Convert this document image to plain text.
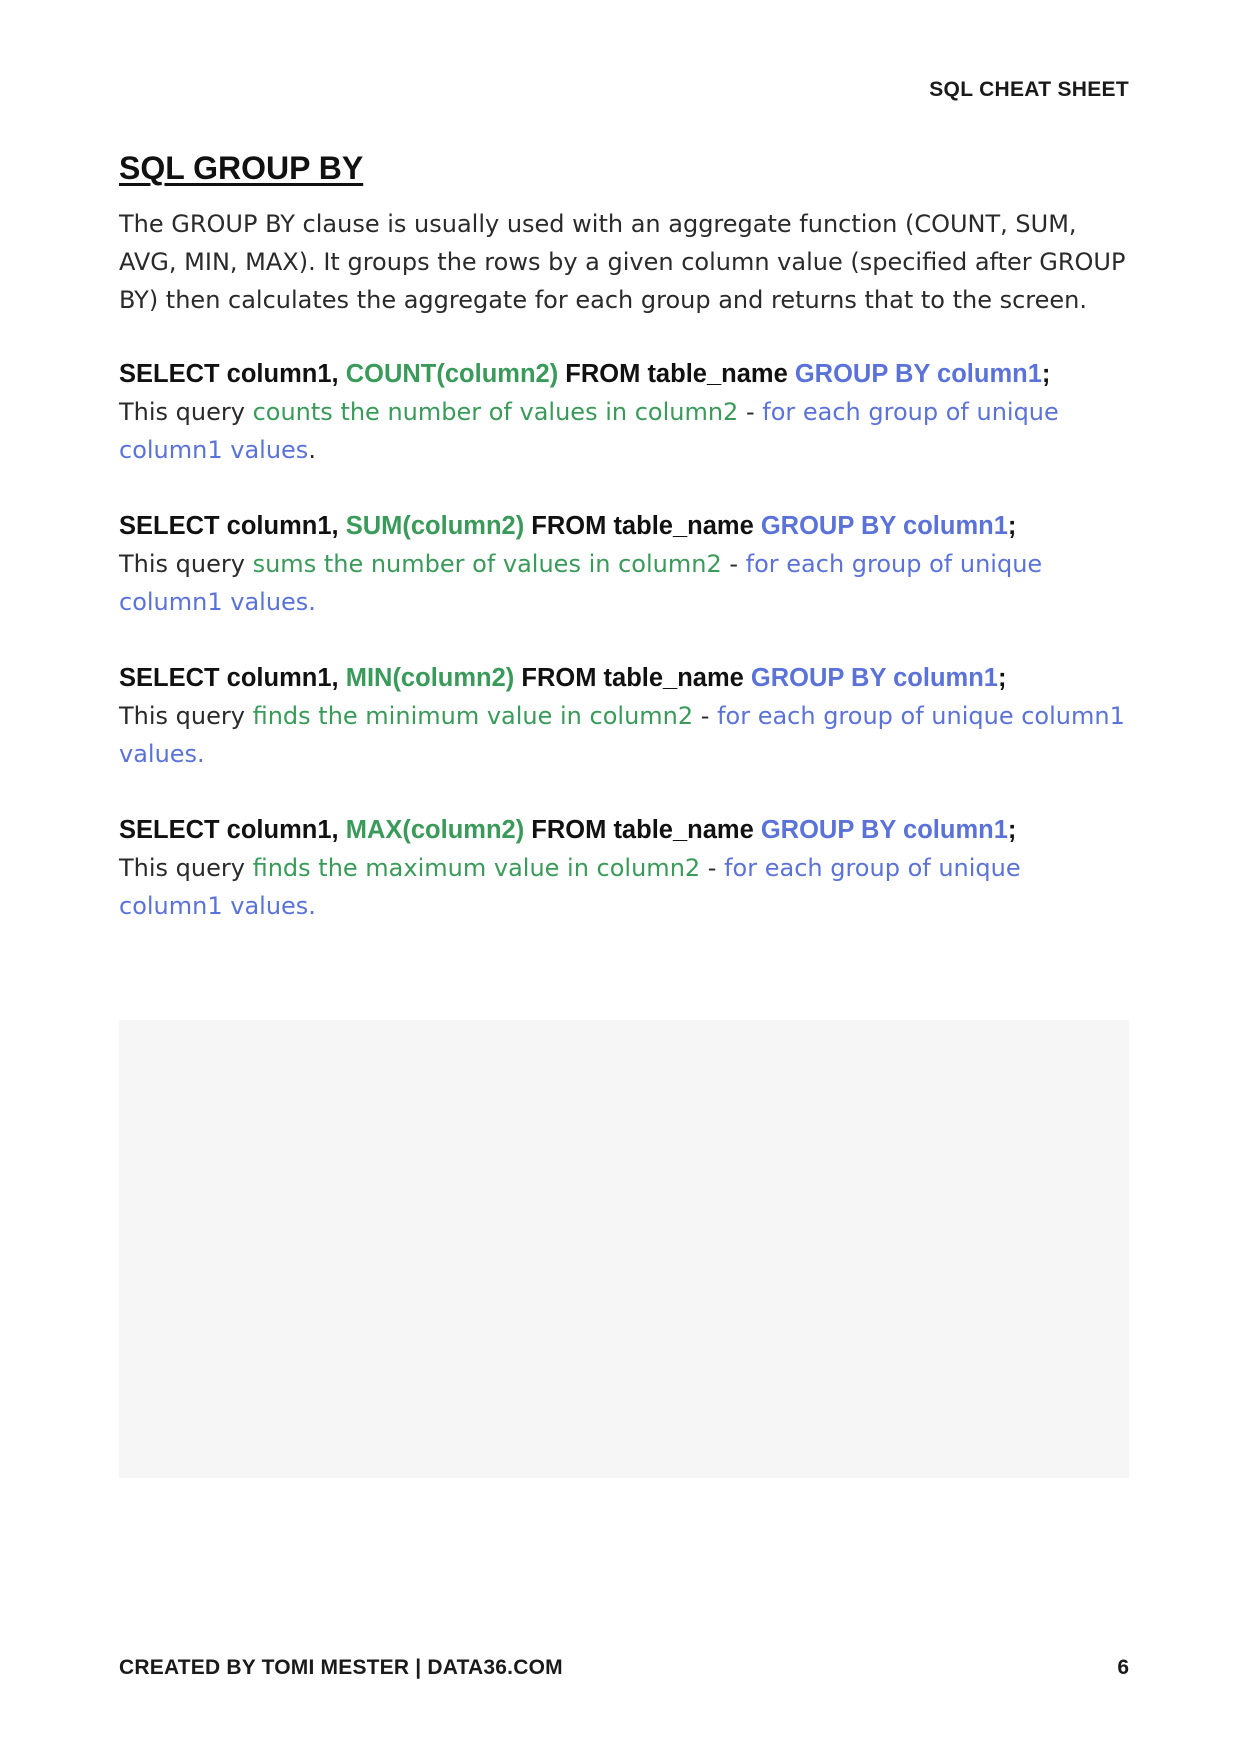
SQL CHEAT SHEET
SQL GROUP BY

The GROUP BY clause is usually used with an aggregate function (COUNT, SUM, AVG, MIN, MAX). It groups the rows by a given column value (specified after GROUP BY) then calculates the aggregate for each group and returns that to the screen.

SELECT column1, COUNT(column2) FROM table_name GROUP BY column1;
This query counts the number of values in column2 - for each group of unique column1 values.
SELECT column1, SUM(column2) FROM table_name GROUP BY column1;
This query sums the number of values in column2 - for each group of unique column1 values.
SELECT column1, MIN(column2) FROM table_name GROUP BY column1;
This query finds the minimum value in column2 - for each group of unique column1 values.
SELECT column1, MAX(column2) FROM table_name GROUP BY column1;
This query finds the maximum value in column2 - for each group of unique column1 values.
CREATED BY TOMI MESTER | DATA36.COM	6
